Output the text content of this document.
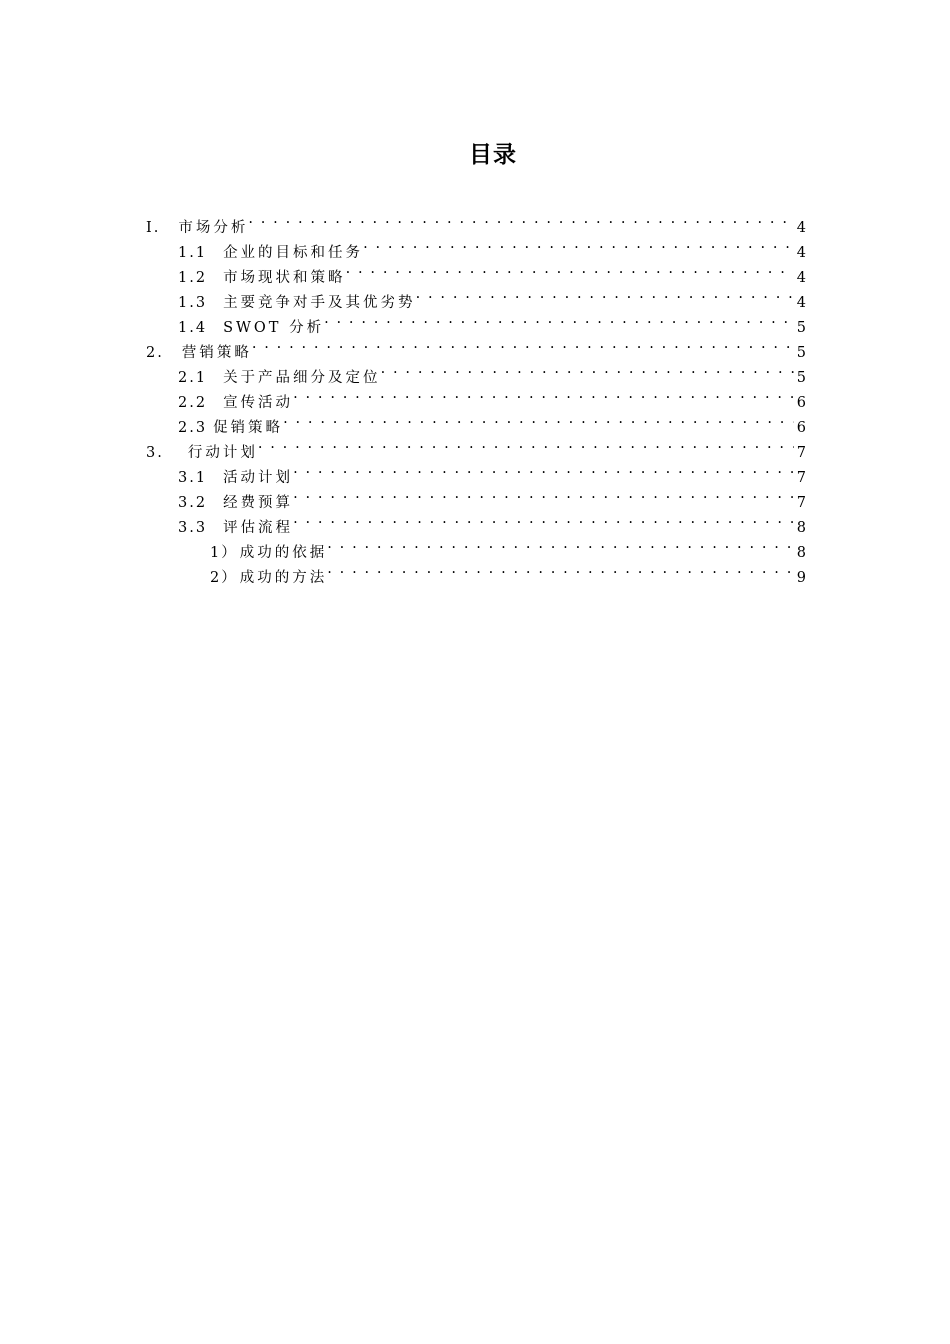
目录
I. 市场分析 . . .	4
1.1 企业的目标和任务 . . .	4
1.2 市场现状和策略 . . .	4
1.3 主要竞争对手及其优劣势 . . .	4
1.4 SWOT 分析 . . .	5
2. 营销策略 . . .	5
2.1 关于产品细分及定位 . . .	5
2.2 宣传活动 . . .	6
2.3 促销策略 . . .	6
3. 行动计划 . . .	7
3.1 活动计划 . . .	7
3.2 经费预算 . . .	7
3.3 评估流程 . . .	8
1） 成功的依据 . . .	8
2） 成功的方法 . . .	9
